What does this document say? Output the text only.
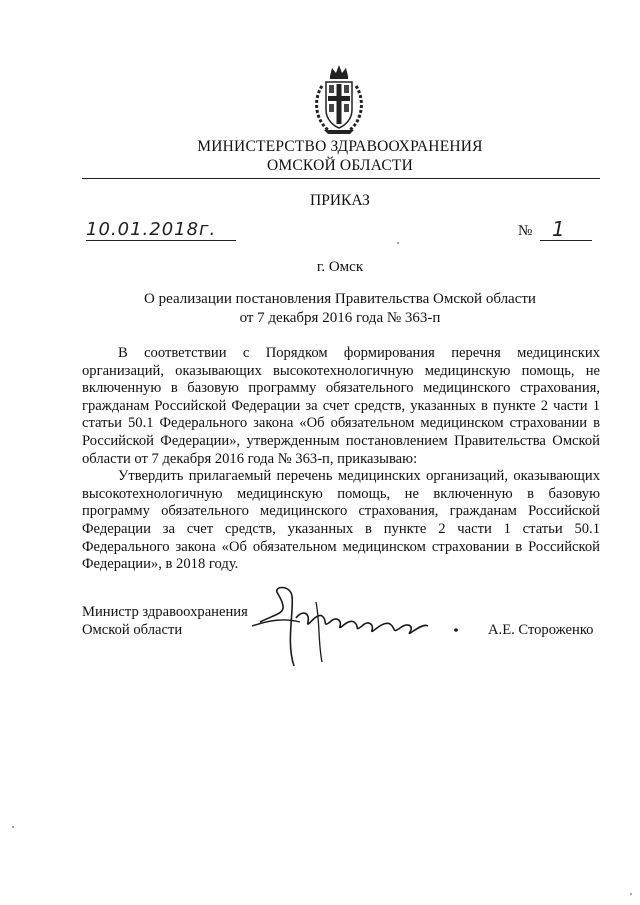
МИНИСТЕРСТВО ЗДРАВООХРАНЕНИЯ
ОМСКОЙ ОБЛАСТИ
ПРИКАЗ
10.01.2018г.	№ 1
г. Омск
О реализации постановления Правительства Омской области
от 7 декабря 2016 года № 363-п

В соответствии с Порядком формирования перечня медицинских организаций, оказывающих высокотехнологичную медицинскую помощь, не включенную в базовую программу обязательного медицинского страхования, гражданам Российской Федерации за счет средств, указанных в пункте 2 части 1 статьи 50.1 Федерального закона «Об обязательном медицинском страховании в Российской Федерации», утвержденным постановлением Правительства Омской области от 7 декабря 2016 года № 363-п, приказываю:

Утвердить прилагаемый перечень медицинских организаций, оказывающих высокотехнологичную медицинскую помощь, не включенную в базовую программу обязательного медицинского страхования, гражданам Российской Федерации за счет средств, указанных в пункте 2 части 1 статьи 50.1 Федерального закона «Об обязательном медицинском страховании в Российской Федерации», в 2018 году.

Министр здравоохранения
Омской области	А.Е. Стороженко
